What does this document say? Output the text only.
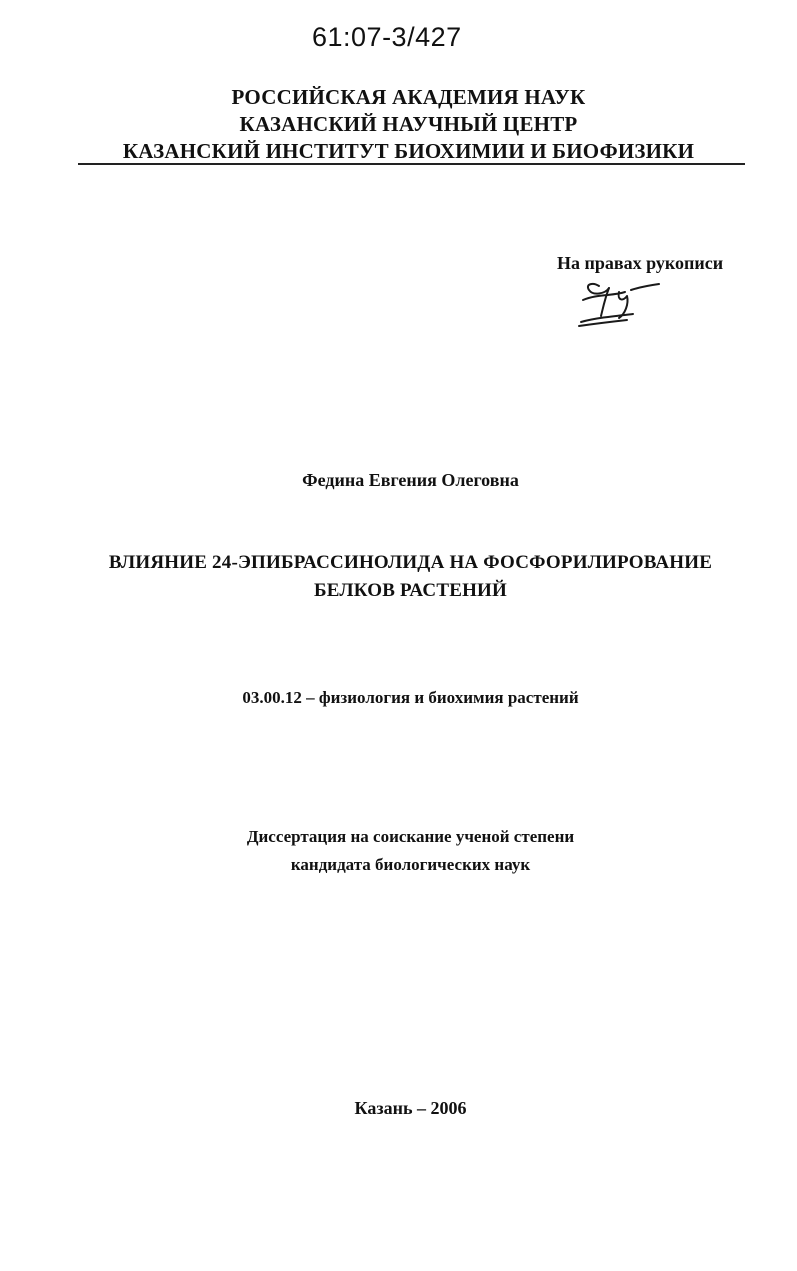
61:07-3/427
РОССИЙСКАЯ АКАДЕМИЯ НАУК
КАЗАНСКИЙ НАУЧНЫЙ ЦЕНТР
КАЗАНСКИЙ ИНСТИТУТ БИОХИМИИ И БИОФИЗИКИ
На правах рукописи
Федина Евгения Олеговна
ВЛИЯНИЕ 24-ЭПИБРАССИНОЛИДА НА ФОСФОРИЛИРОВАНИЕ
БЕЛКОВ РАСТЕНИЙ
03.00.12 – физиология и биохимия растений
Диссертация на соискание ученой степени
кандидата биологических наук
Казань – 2006
